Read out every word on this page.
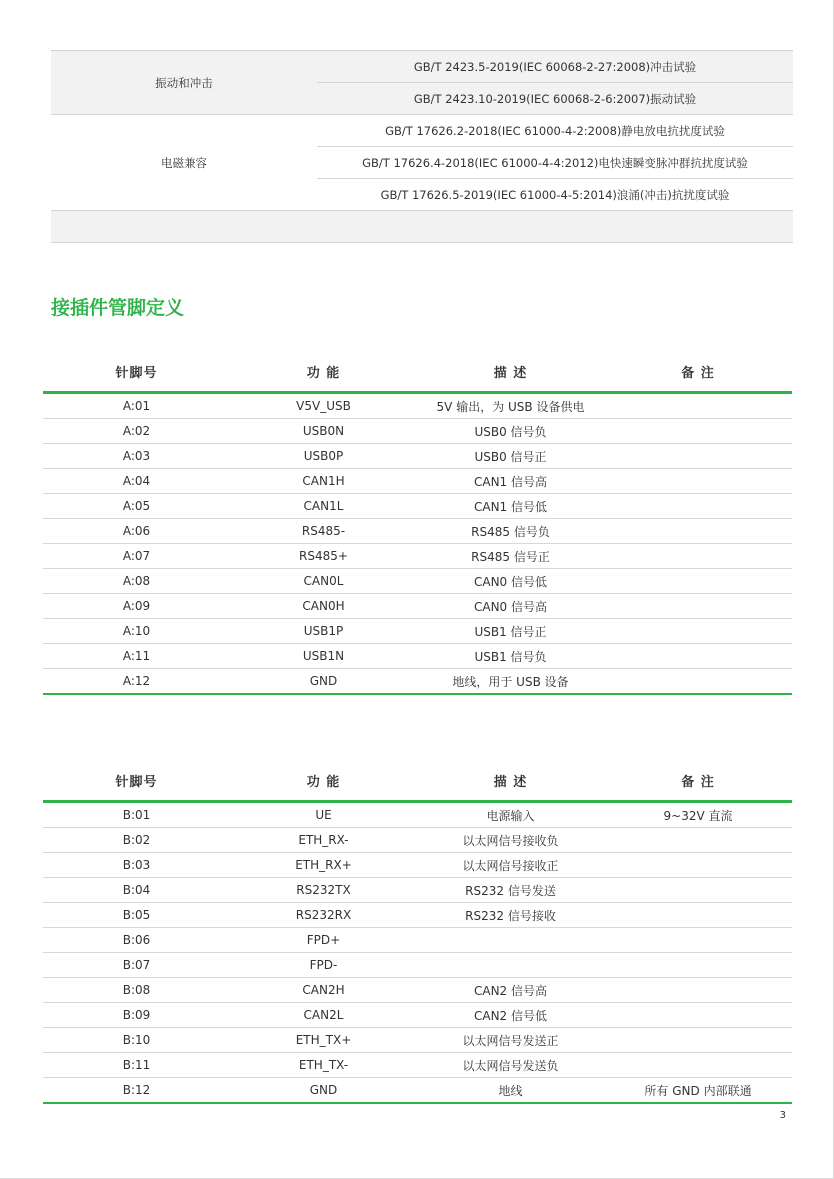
振动和冲击	GB/T 2423.5-2019(IEC 60068-2-27:2008)冲击试验
	GB/T 2423.10-2019(IEC 60068-2-6:2007)振动试验
电磁兼容	GB/T 17626.2-2018(IEC 61000-4-2:2008)静电放电抗扰度试验
	GB/T 17626.4-2018(IEC 61000-4-4:2012)电快速瞬变脉冲群抗扰度试验
	GB/T 17626.5-2019(IEC 61000-4-5:2014)浪涌(冲击)抗扰度试验

接插件管脚定义
针脚号	功 能	描 述	备 注
A:01	V5V_USB	5V 输出，为 USB 设备供电	
A:02	USB0N	USB0 信号负	
A:03	USB0P	USB0 信号正	
A:04	CAN1H	CAN1 信号高	
A:05	CAN1L	CAN1 信号低	
A:06	RS485-	RS485 信号负	
A:07	RS485+	RS485 信号正	
A:08	CAN0L	CAN0 信号低	
A:09	CAN0H	CAN0 信号高	
A:10	USB1P	USB1 信号正	
A:11	USB1N	USB1 信号负	
A:12	GND	地线，用于 USB 设备	
针脚号	功 能	描 述	备 注
B:01	UE	电源输入	9~32V 直流
B:02	ETH_RX-	以太网信号接收负	
B:03	ETH_RX+	以太网信号接收正	
B:04	RS232TX	RS232 信号发送	
B:05	RS232RX	RS232 信号接收	
B:06	FPD+		
B:07	FPD-		
B:08	CAN2H	CAN2 信号高	
B:09	CAN2L	CAN2 信号低	
B:10	ETH_TX+	以太网信号发送正	
B:11	ETH_TX-	以太网信号发送负	
B:12	GND	地线	所有 GND 内部联通
3
